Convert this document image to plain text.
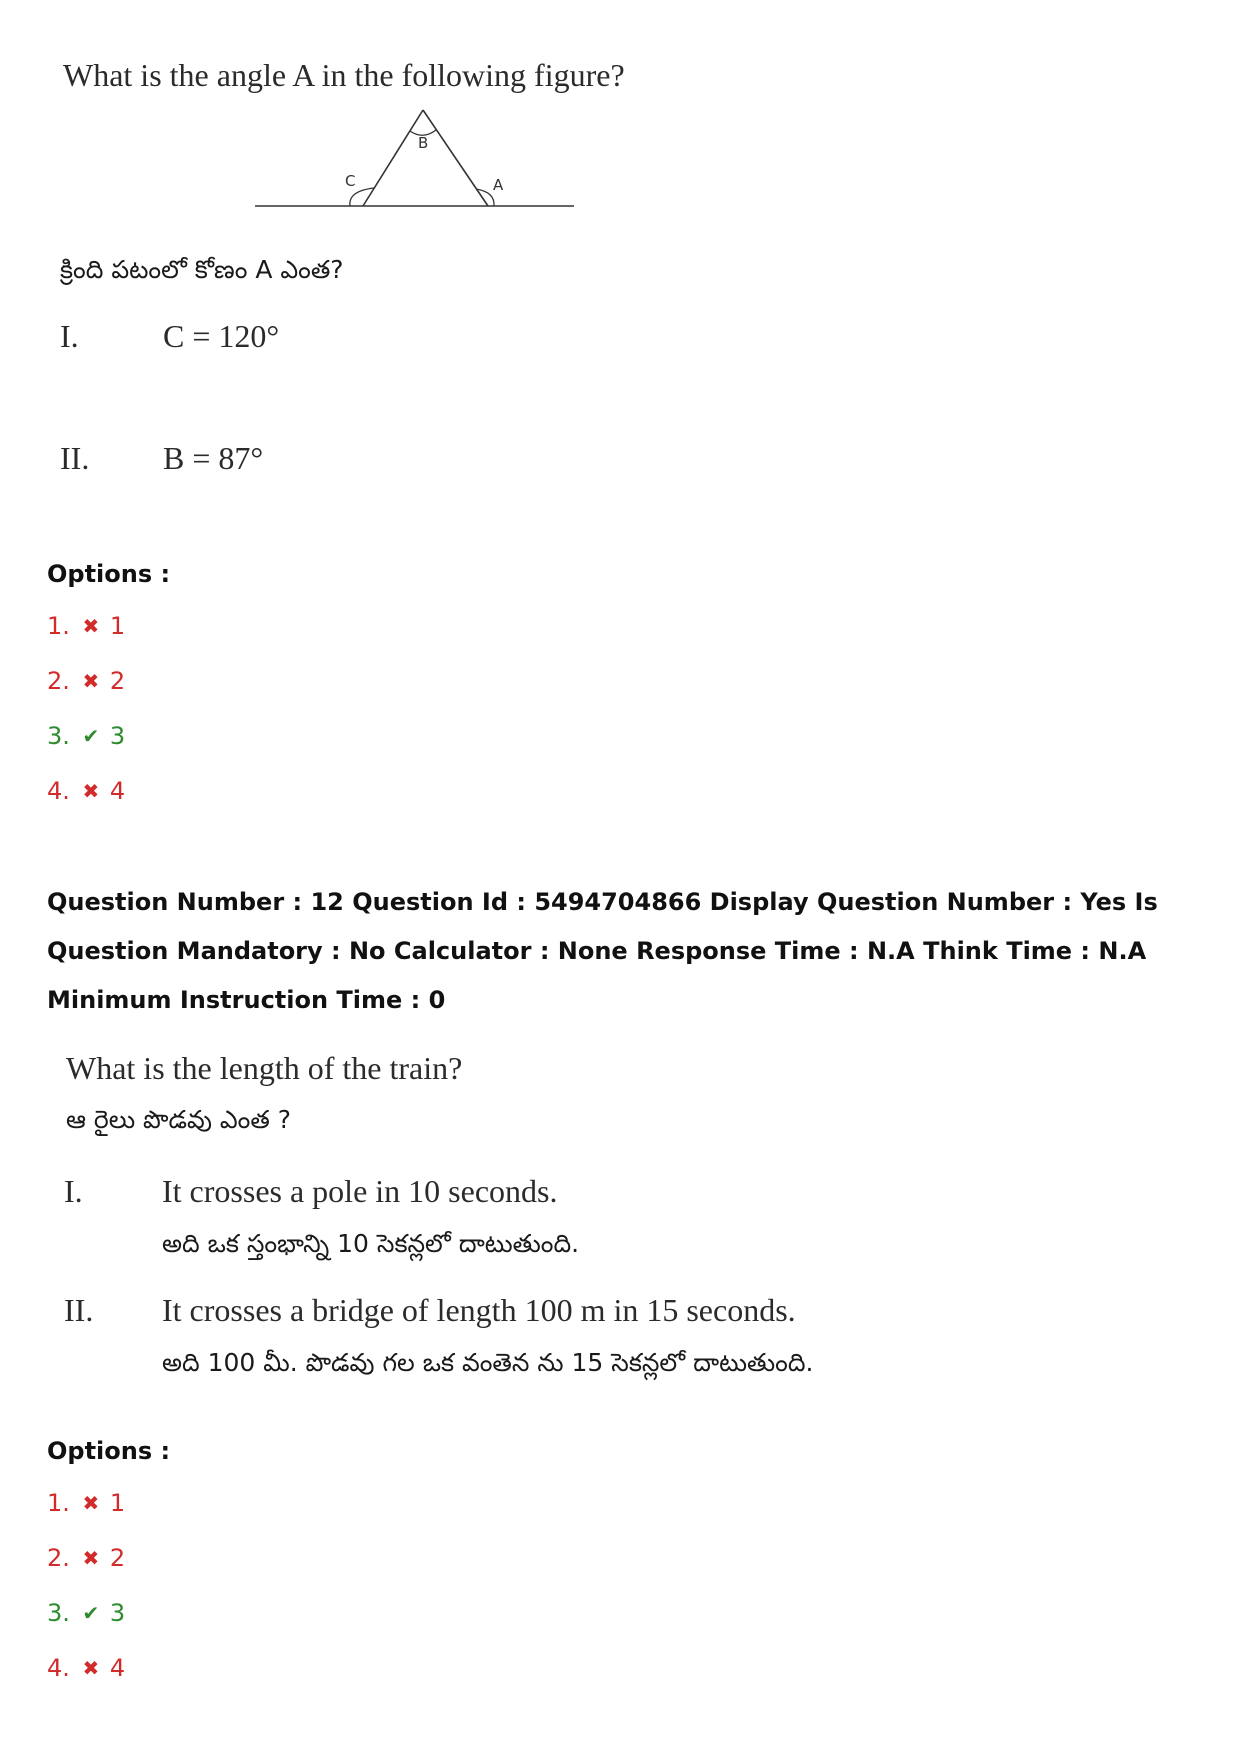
What is the angle A in the following figure?
B
C	A
క్రింది పటంలో కోణం A ఎంత?
I.	C = 120°
II. B = 87°
Options :
1. ✖ 1
2. ✖ 2
3. ✔ 3
4. ✖ 4
Question Number : 12 Question Id : 5494704866 Display Question Number : Yes Is Question Mandatory : No Calculator : None Response Time : N.A Think Time : N.A Minimum Instruction Time : 0
What is the length of the train?
ఆ రైలు పొడవు ఎంత ?
I. It crosses a pole in 10 seconds.
అది ఒక స్తంభాన్ని 10 సెకన్లలో దాటుతుంది.
II. It crosses a bridge of length 100 m in 15 seconds.
అది 100 మీ. పొడవు గల ఒక వంతెన ను 15 సెకన్లలో దాటుతుంది.
Options :
1. ✖ 1
2. ✖ 2
3. ✔ 3
4. ✖ 4
